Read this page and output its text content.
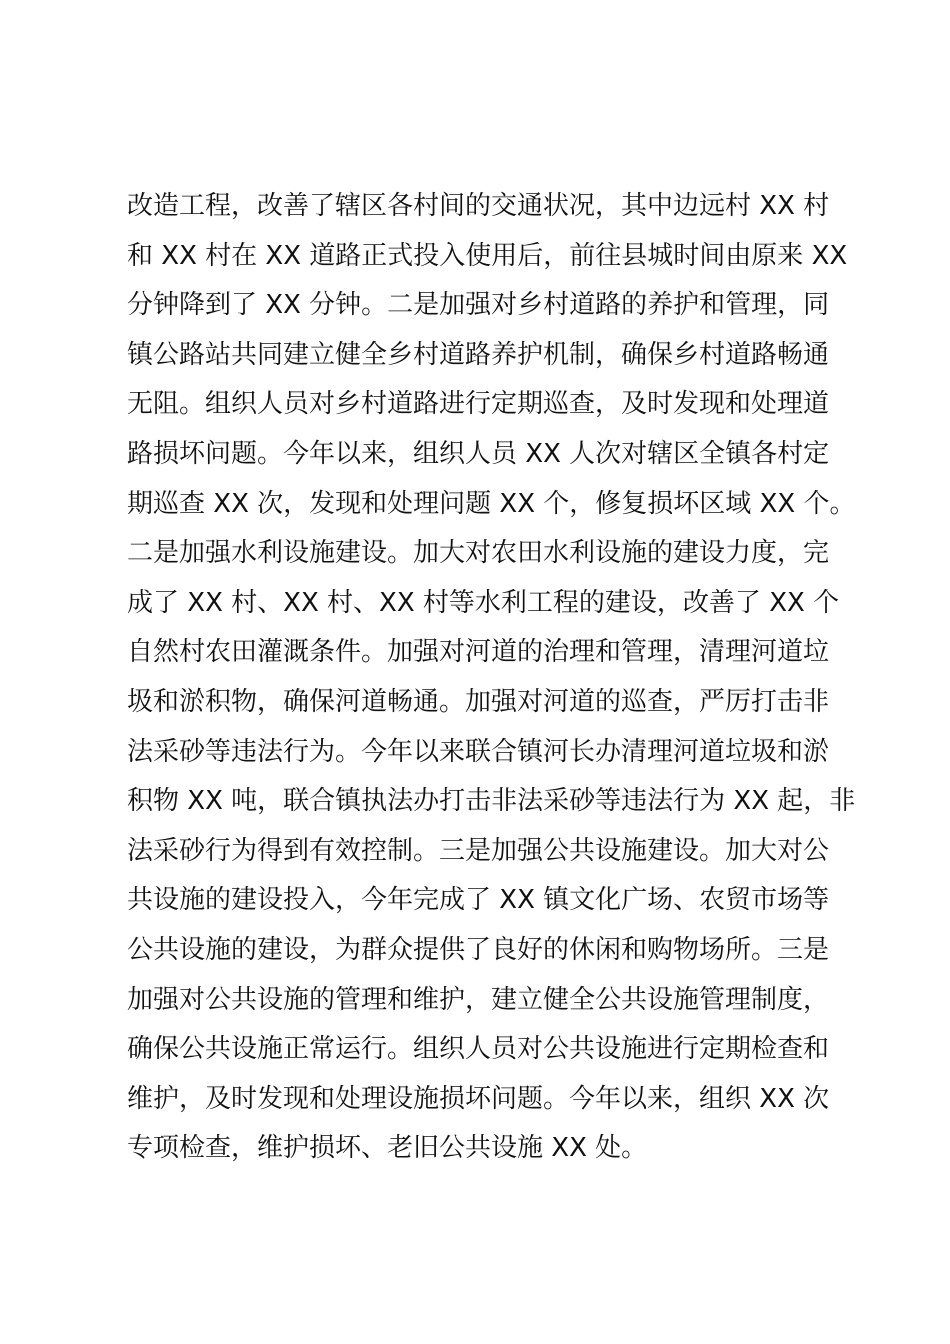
改造工程，改善了辖区各村间的交通状况，其中边远村 XX 村
和 XX 村在 XX 道路正式投入使用后，前往县城时间由原来 XX
分钟降到了 XX 分钟。二是加强对乡村道路的养护和管理，同
镇公路站共同建立健全乡村道路养护机制，确保乡村道路畅通
无阻。组织人员对乡村道路进行定期巡查，及时发现和处理道
路损坏问题。今年以来，组织人员 XX 人次对辖区全镇各村定
期巡查 XX 次，发现和处理问题 XX 个，修复损坏区域 XX 个。
二是加强水利设施建设。加大对农田水利设施的建设力度，完
成了 XX 村、XX 村、XX 村等水利工程的建设，改善了 XX 个
自然村农田灌溉条件。加强对河道的治理和管理，清理河道垃
圾和淤积物，确保河道畅通。加强对河道的巡查，严厉打击非
法采砂等违法行为。今年以来联合镇河长办清理河道垃圾和淤
积物 XX 吨，联合镇执法办打击非法采砂等违法行为 XX 起，非
法采砂行为得到有效控制。三是加强公共设施建设。加大对公
共设施的建设投入，今年完成了 XX 镇文化广场、农贸市场等
公共设施的建设，为群众提供了良好的休闲和购物场所。三是
加强对公共设施的管理和维护，建立健全公共设施管理制度，
确保公共设施正常运行。组织人员对公共设施进行定期检查和
维护，及时发现和处理设施损坏问题。今年以来，组织 XX 次
专项检查，维护损坏、老旧公共设施 XX 处。
